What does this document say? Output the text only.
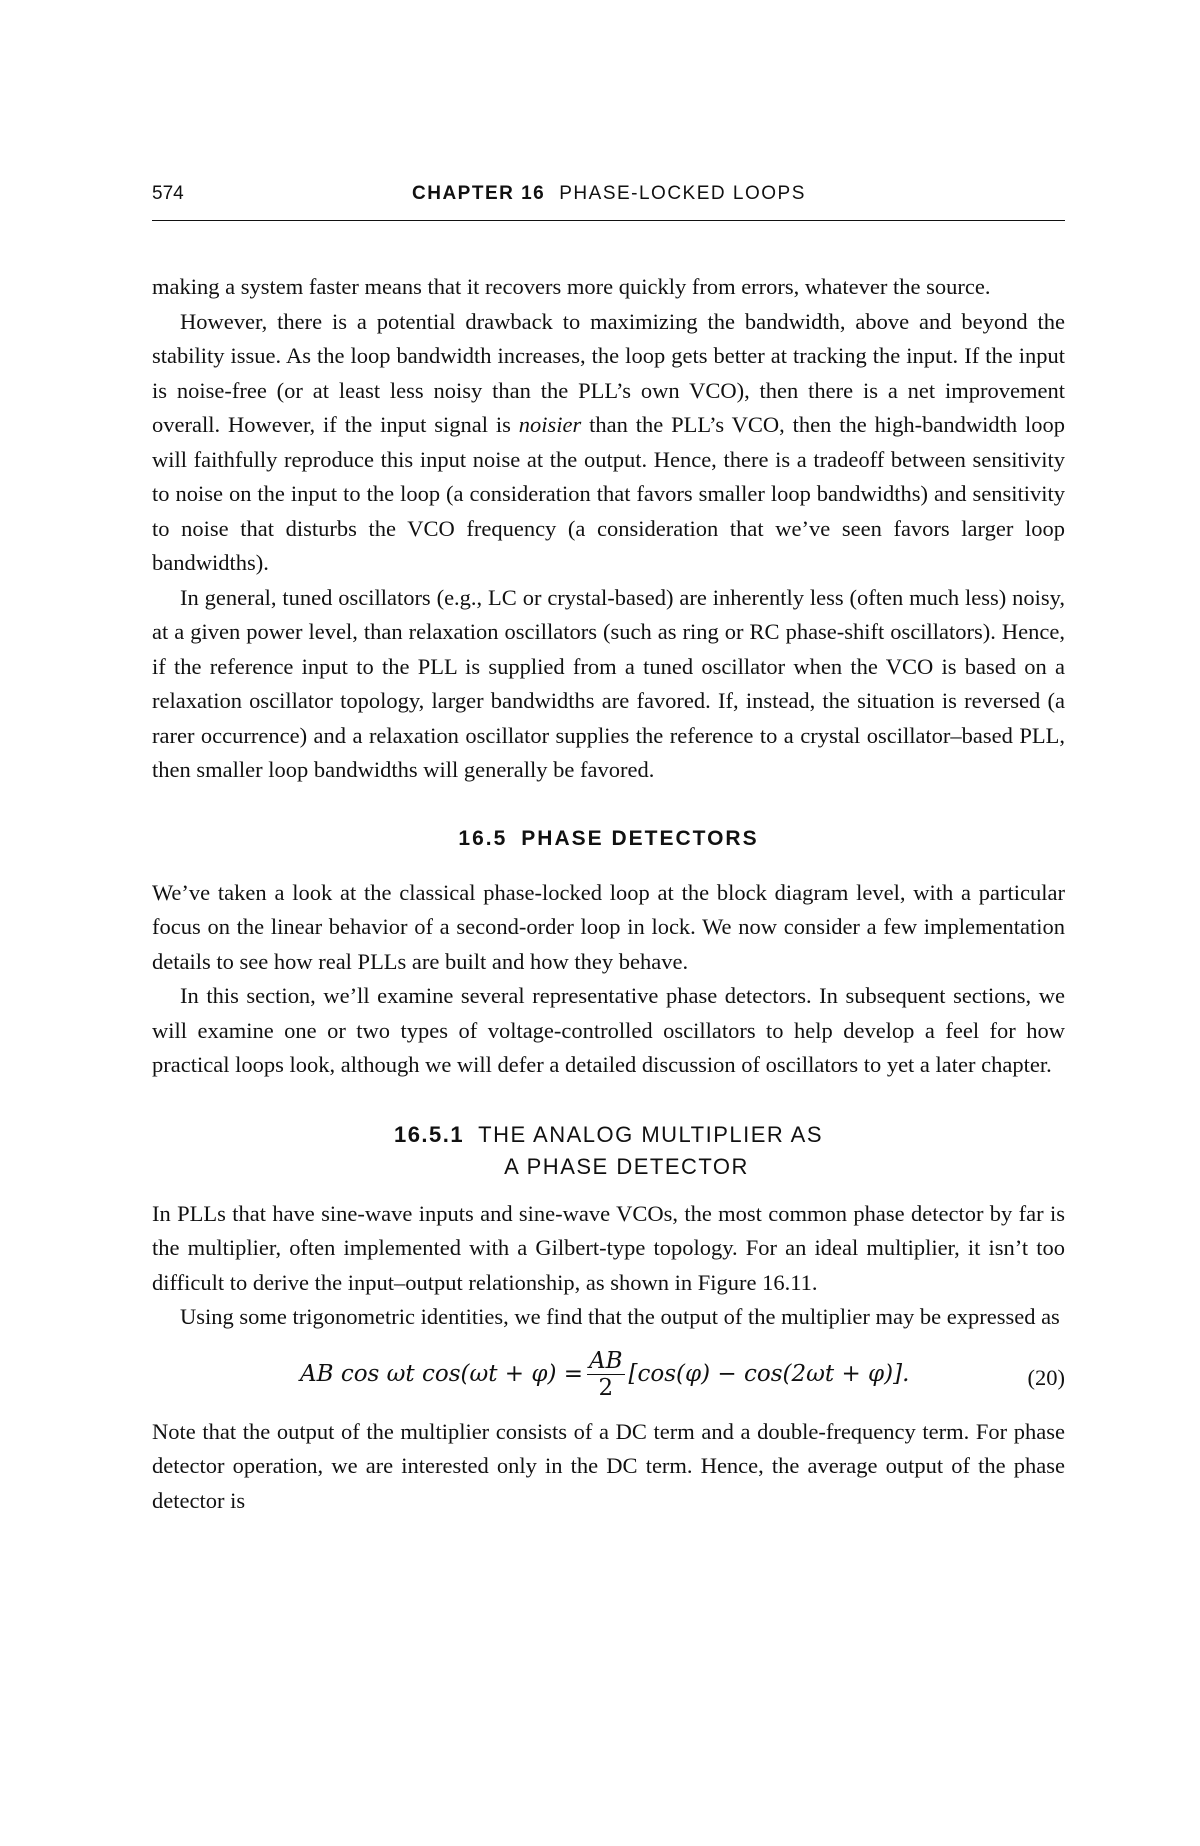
574	CHAPTER 16 PHASE-LOCKED LOOPS

making a system faster means that it recovers more quickly from errors, whatever the source.

However, there is a potential drawback to maximizing the bandwidth, above and beyond the stability issue. As the loop bandwidth increases, the loop gets better at tracking the input. If the input is noise-free (or at least less noisy than the PLL’s own VCO), then there is a net improvement overall. However, if the input signal is noisier than the PLL’s VCO, then the high-bandwidth loop will faithfully reproduce this input noise at the output. Hence, there is a tradeoff between sensitivity to noise on the input to the loop (a consideration that favors smaller loop bandwidths) and sensitivity to noise that disturbs the VCO frequency (a consideration that we’ve seen favors larger loop bandwidths).

In general, tuned oscillators (e.g., LC or crystal-based) are inherently less (often much less) noisy, at a given power level, than relaxation oscillators (such as ring or RC phase-shift oscillators). Hence, if the reference input to the PLL is supplied from a tuned oscillator when the VCO is based on a relaxation oscillator topology, larger bandwidths are favored. If, instead, the situation is reversed (a rarer occurrence) and a relaxation oscillator supplies the reference to a crystal oscillator–based PLL, then smaller loop bandwidths will generally be favored.

16.5 PHASE DETECTORS

We’ve taken a look at the classical phase-locked loop at the block diagram level, with a particular focus on the linear behavior of a second-order loop in lock. We now consider a few implementation details to see how real PLLs are built and how they behave.

In this section, we’ll examine several representative phase detectors. In subsequent sections, we will examine one or two types of voltage-controlled oscillators to help develop a feel for how practical loops look, although we will defer a detailed discussion of oscillators to yet a later chapter.

16.5.1 THE ANALOG MULTIPLIER AS
A PHASE DETECTOR

In PLLs that have sine-wave inputs and sine-wave VCOs, the most common phase detector by far is the multiplier, often implemented with a Gilbert-type topology. For an ideal multiplier, it isn’t too difficult to derive the input–output relationship, as shown in Figure 16.11.

Using some trigonometric identities, we find that the output of the multiplier may be expressed as

AB cos ωt $\cos(\omega t + \varphi) = \frac{AB}{2} [\cos(\varphi) - \cos(2\omega t + \varphi)]$.	(20)

Note that the output of the multiplier consists of a DC term and a double-frequency term. For phase detector operation, we are interested only in the DC term. Hence, the average output of the phase detector is
